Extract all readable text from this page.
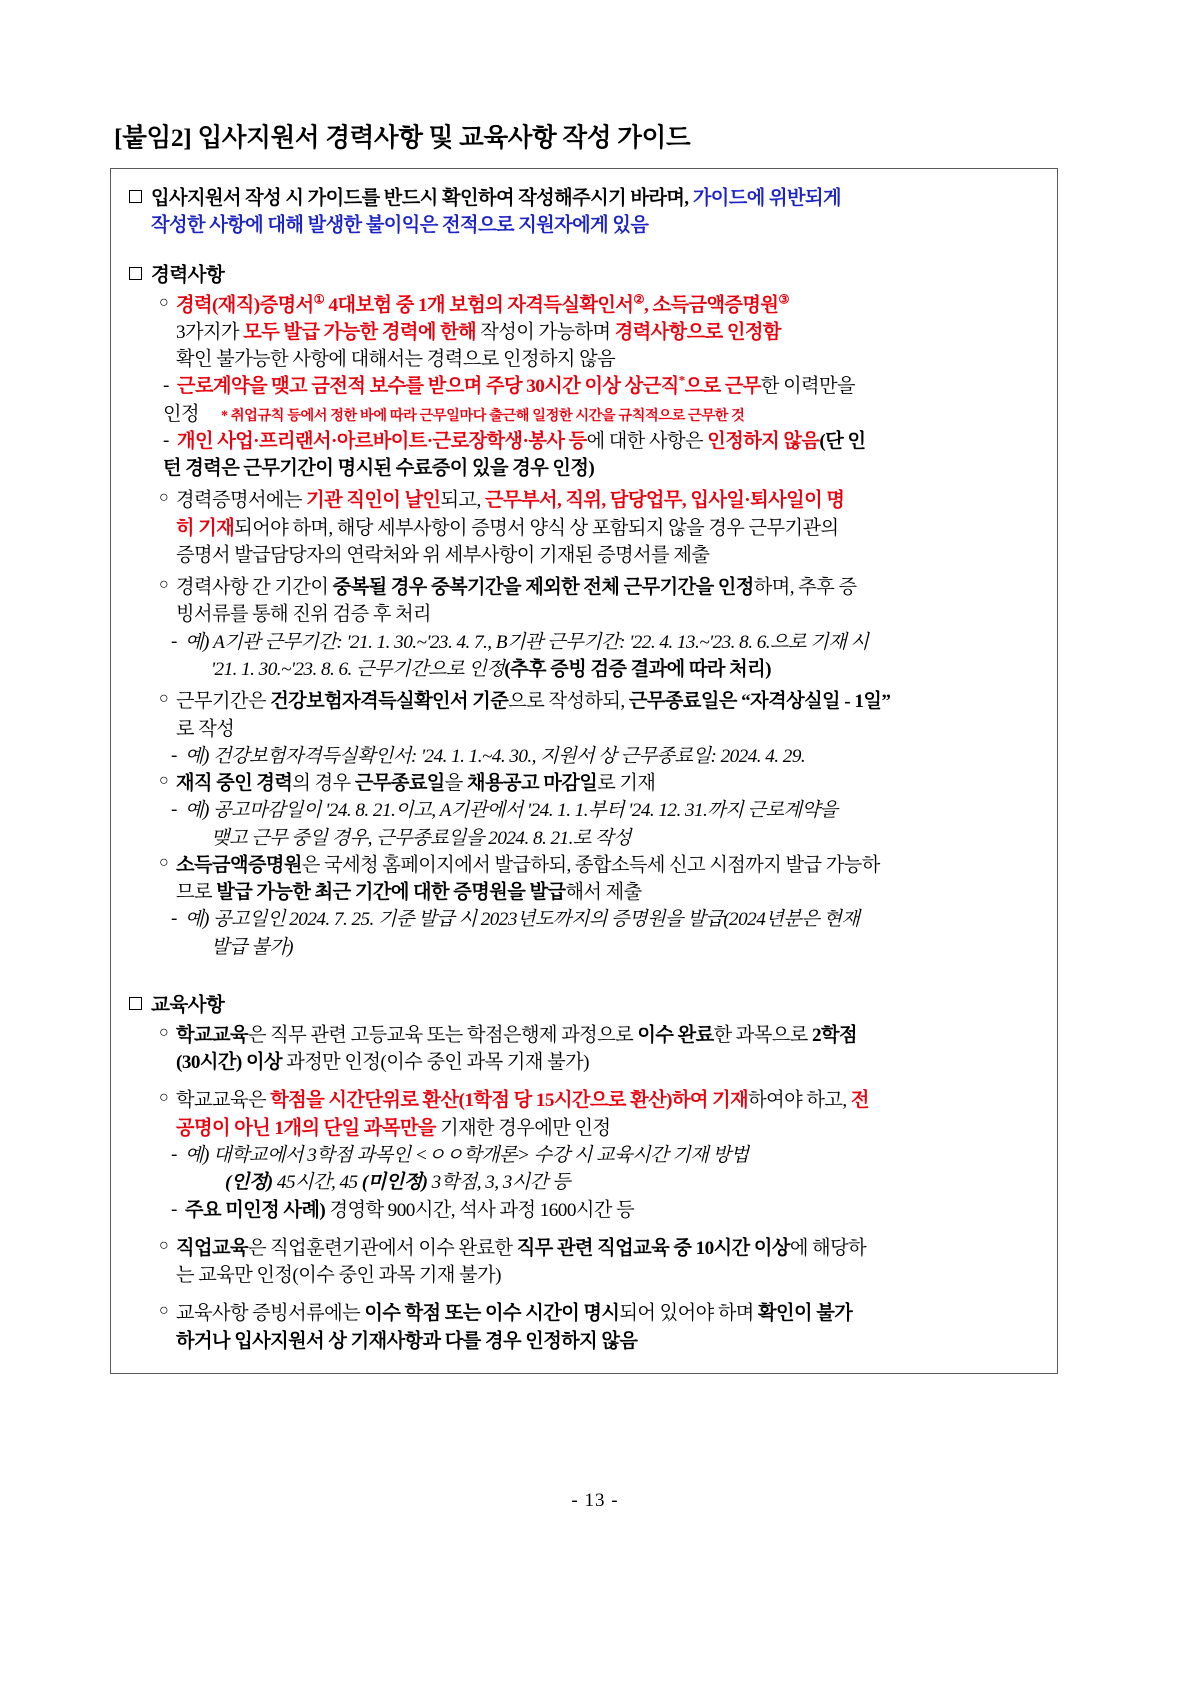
[붙임2] 입사지원서 경력사항 및 교육사항 작성 가이드
입사지원서 작성 시 가이드를 반드시 확인하여 작성해주시기 바라며, 가이드에 위반되게
작성한 사항에 대해 발생한 불이익은 전적으로 지원자에게 있음
경력사항
○ 경력(재직)증명서① 4대보험 중 1개 보험의 자격득실확인서②, 소득금액증명원③
3가지가 모두 발급 가능한 경력에 한해 작성이 가능하며 경력사항으로 인정함
확인 불가능한 사항에 대해서는 경력으로 인정하지 않음
- 근로계약을 맺고 금전적 보수를 받으며 주당 30시간 이상 상근직*으로 근무한 이력만을
인정 * 취업규칙 등에서 정한 바에 따라 근무일마다 출근해 일정한 시간을 규칙적으로 근무한 것
- 개인 사업·프리랜서·아르바이트·근로장학생·봉사 등에 대한 사항은 인정하지 않음(단 인
턴 경력은 근무기간이 명시된 수료증이 있을 경우 인정)
○ 경력증명서에는 기관 직인이 날인되고, 근무부서, 직위, 담당업무, 입사일·퇴사일이 명
히 기재되어야 하며, 해당 세부사항이 증명서 양식 상 포함되지 않을 경우 근무기관의
증명서 발급담당자의 연락처와 위 세부사항이 기재된 증명서를 제출
○ 경력사항 간 기간이 중복될 경우 중복기간을 제외한 전체 근무기간을 인정하며, 추후 증
빙서류를 통해 진위 검증 후 처리
- 예) A기관 근무기간: '21. 1. 30.~'23. 4. 7., B기관 근무기간: '22. 4. 13.~'23. 8. 6.으로 기재 시
'21. 1. 30.~'23. 8. 6. 근무기간으로 인정(추후 증빙 검증 결과에 따라 처리)
○ 근무기간은 건강보험자격득실확인서 기준으로 작성하되, 근무종료일은 “자격상실일 - 1일”
로 작성
- 예) 건강보험자격득실확인서: '24. 1. 1.~4. 30., 지원서 상 근무종료일: 2024. 4. 29.
○ 재직 중인 경력의 경우 근무종료일을 채용공고 마감일로 기재
- 예) 공고마감일이 '24. 8. 21.이고, A기관에서 '24. 1. 1.부터 '24. 12. 31.까지 근로계약을
맺고 근무 중일 경우, 근무종료일을 2024. 8. 21.로 작성
○ 소득금액증명원은 국세청 홈페이지에서 발급하되, 종합소득세 신고 시점까지 발급 가능하
므로 발급 가능한 최근 기간에 대한 증명원을 발급해서 제출
- 예) 공고일인 2024. 7. 25. 기준 발급 시 2023년도까지의 증명원을 발급(2024년분은 현재
발급 불가)
교육사항
○ 학교교육은 직무 관련 고등교육 또는 학점은행제 과정으로 이수 완료한 과목으로 2학점
(30시간) 이상 과정만 인정(이수 중인 과목 기재 불가)
○ 학교교육은 학점을 시간단위로 환산(1학점 당 15시간으로 환산)하여 기재하여야 하고, 전
공명이 아닌 1개의 단일 과목만을 기재한 경우에만 인정
- 예) 대학교에서 3학점 과목인 <ㅇㅇ학개론> 수강 시 교육시간 기재 방법
(인정) 45시간, 45 (미인정) 3학점, 3, 3시간 등
- 주요 미인정 사례) 경영학 900시간, 석사 과정 1600시간 등
○ 직업교육은 직업훈련기관에서 이수 완료한 직무 관련 직업교육 중 10시간 이상에 해당하
는 교육만 인정(이수 중인 과목 기재 불가)
○ 교육사항 증빙서류에는 이수 학점 또는 이수 시간이 명시되어 있어야 하며 확인이 불가
하거나 입사지원서 상 기재사항과 다를 경우 인정하지 않음
- 13 -
